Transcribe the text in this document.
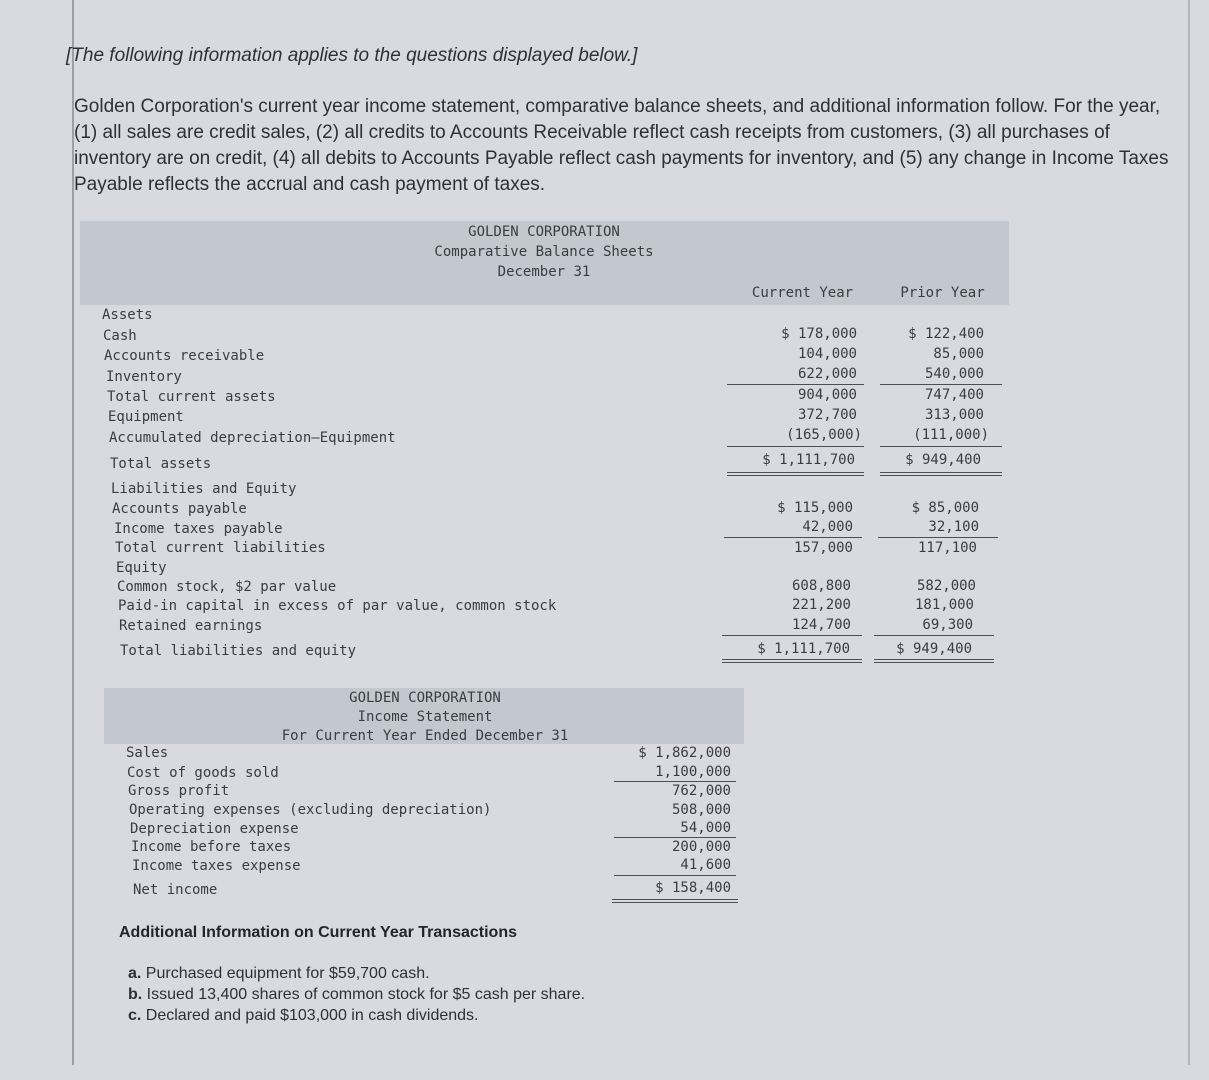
[The following information applies to the questions displayed below.]
Golden Corporation's current year income statement, comparative balance sheets, and additional information follow. For the year, (1) all sales are credit sales, (2) all credits to Accounts Receivable reflect cash receipts from customers, (3) all purchases of inventory are on credit, (4) all debits to Accounts Payable reflect cash payments for inventory, and (5) any change in Income Taxes Payable reflects the accrual and cash payment of taxes.
GOLDEN CORPORATION
Comparative Balance Sheets
December 31
Current Year	Prior Year
Assets
Cash
Accounts receivable
Inventory
Total current assets
Equipment
Accumulated depreciation—Equipment
Total assets
Liabilities and Equity
Accounts payable
Income taxes payable
Total current liabilities
Equity
Common stock, $2 par value
Paid-in capital in excess of par value, common stock
Retained earnings
Total liabilities and equity
$ 178,000
104,000
622,000
904,000
372,700
(165,000)
$ 1,111,700
$ 115,000
42,000
157,000
608,800
221,200
124,700
$ 1,111,700
$ 122,400
85,000
540,000
747,400
313,000
(111,000)
$ 949,400
$ 85,000
32,100
117,100
582,000
181,000
69,300
$ 949,400
GOLDEN CORPORATION
Income Statement
For Current Year Ended December 31
Sales
Cost of goods sold
Gross profit
Operating expenses (excluding depreciation)
Depreciation expense
Income before taxes
Income taxes expense
Net income
$ 1,862,000
1,100,000
762,000
508,000
54,000
200,000
41,600
$ 158,400
Additional Information on Current Year Transactions
a. Purchased equipment for $59,700 cash.
b. Issued 13,400 shares of common stock for $5 cash per share.
c. Declared and paid $103,000 in cash dividends.
